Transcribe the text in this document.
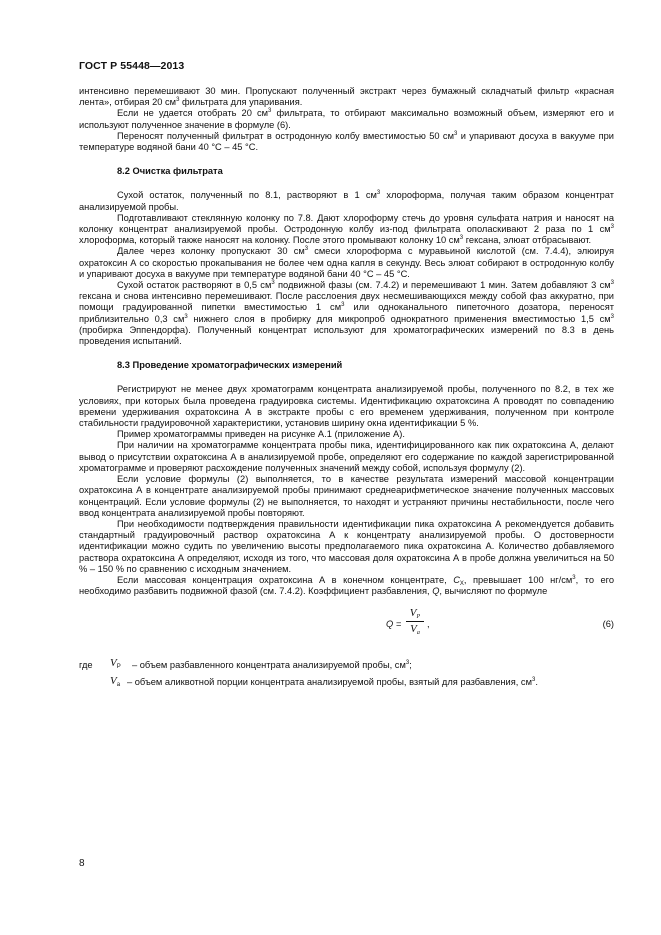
ГОСТ Р 55448—2013

интенсивно перемешивают 30 мин. Пропускают полученный экстракт через бумажный складчатый фильтр «красная лента», отбирая 20 $см^3$ фильтрата для упаривания.

Если не удается отобрать 20 $см^3$ фильтрата, то отбирают максимально возможный объем, измеряют его и используют полученное значение в формуле (6).

Переносят полученный фильтрат в остродонную колбу вместимостью 50 $см^3$ и упаривают досуха в вакууме при температуре водяной бани 40 °С – 45 °С.

8.2 Очистка фильтрата

Сухой остаток, полученный по 8.1, растворяют в 1 $см^3$ хлороформа, получая таким образом концентрат анализируемой пробы.

Подготавливают стеклянную колонку по 7.8. Дают хлороформу стечь до уровня сульфата натрия и наносят на колонку концентрат анализируемой пробы. Остродонную колбу из-под фильтрата ополаскивают 2 раза по 1 $см^3$ хлороформа, который также наносят на колонку. После этого промывают колонку 10 $см^3$ гексана, элюат отбрасывают.

Далее через колонку пропускают 30 $см^3$ смеси хлороформа с муравьиной кислотой (см. 7.4.4), элюируя охратоксин А со скоростью прокапывания не более чем одна капля в секунду. Весь элюат собирают в остродонную колбу и упаривают досуха в вакууме при температуре водяной бани 40 °С – 45 °С.

Сухой остаток растворяют в 0,5 $см^3$ подвижной фазы (см. 7.4.2) и перемешивают 1 мин. Затем добавляют 3 $см^3$ гексана и снова интенсивно перемешивают. После расслоения двух несмешивающихся между собой фаз аккуратно, при помощи градуированной пипетки вместимостью 1 $см^3$ или одноканального пипеточного дозатора, переносят приблизительно 0,3 $см^3$ нижнего слоя в пробирку для микропроб однократного применения вместимостью 1,5 $см^3$ (пробирка Эппендорфа). Полученный концентрат используют для хроматографических измерений по 8.3 в день проведения испытаний.

8.3 Проведение хроматографических измерений

Регистрируют не менее двух хроматограмм концентрата анализируемой пробы, полученного по 8.2, в тех же условиях, при которых была проведена градуировка системы. Идентификацию охратоксина А проводят по совпадению времени удерживания охратоксина А в экстракте пробы с его временем удерживания, полученном при контроле стабильности градуировочной характеристики, установив ширину окна идентификации 5 %.

Пример хроматограммы приведен на рисунке А.1 (приложение А).

При наличии на хроматограмме концентрата пробы пика, идентифицированного как пик охратоксина А, делают вывод о присутствии охратоксина А в анализируемой пробе, определяют его содержание по каждой зарегистрированной хроматограмме и проверяют расхождение полученных значений между собой, используя формулу (2).

Если условие формулы (2) выполняется, то в качестве результата измерений массовой концентрации охратоксина А в концентрате анализируемой пробы принимают среднеарифметическое значение полученных массовых концентраций. Если условие формулы (2) не выполняется, то находят и устраняют причины нестабильности, после чего ввод концентрата анализируемой пробы повторяют.

При необходимости подтверждения правильности идентификации пика охратоксина А рекомендуется добавить стандартный градуировочный раствор охратоксина А к концентрату анализируемой пробы. О достоверности идентификации можно судить по увеличению высоты предполагаемого пика охратоксина А. Количество добавляемого раствора охратоксина А определяют, исходя из того, что массовая доля охратоксина А в пробе должна увеличиться на 50 % – 150 % по сравнению с исходным значением.

Если массовая концентрация охратоксина А в конечном концентрате, $C_X$, превышает 100 $нг/см^3$, то его необходимо разбавить подвижной фазой (см. 7.4.2). Коэффициент разбавления, Q, вычисляют по формуле

Q =
$V_P$
$V_a$
,	(6)
где $V_P$ – объем разбавленного концентрата анализируемой пробы, $см^3$;
$V_a$ – объем аликвотной порции концентрата анализируемой пробы, взятый для разбавления, $см^3$.
8
